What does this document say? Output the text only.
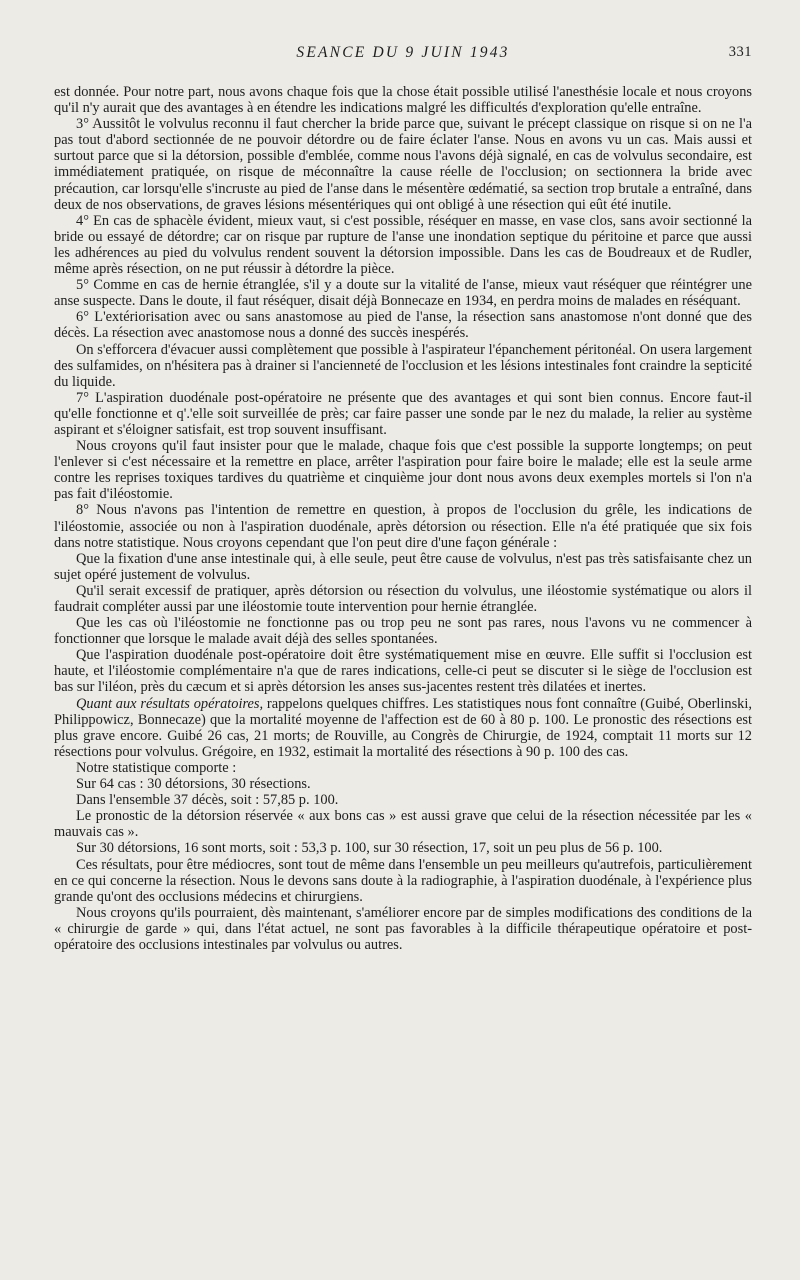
SEANCE DU 9 JUIN 1943	331

est donnée. Pour notre part, nous avons chaque fois que la chose était possible utilisé l'anesthésie locale et nous croyons qu'il n'y aurait que des avantages à en étendre les indications malgré les difficultés d'exploration qu'elle entraîne.

3° Aussitôt le volvulus reconnu il faut chercher la bride parce que, suivant le précept classique on risque si on ne l'a pas tout d'abord sectionnée de ne pouvoir détordre ou de faire éclater l'anse. Nous en avons vu un cas. Mais aussi et surtout parce que si la détorsion, possible d'emblée, comme nous l'avons déjà signalé, en cas de volvulus secondaire, est immédiatement pratiquée, on risque de méconnaître la cause réelle de l'occlusion; on sectionnera la bride avec précaution, car lorsqu'elle s'incruste au pied de l'anse dans le mésentère œdématié, sa section trop brutale a entraîné, dans deux de nos observations, de graves lésions mésentériques qui ont obligé à une résection qui eût été inutile.

4° En cas de sphacèle évident, mieux vaut, si c'est possible, réséquer en masse, en vase clos, sans avoir sectionné la bride ou essayé de détordre; car on risque par rupture de l'anse une inondation septique du péritoine et parce que aussi les adhérences au pied du volvulus rendent souvent la détorsion impossible. Dans les cas de Boudreaux et de Rudler, même après résection, on ne put réussir à détordre la pièce.

5° Comme en cas de hernie étranglée, s'il y a doute sur la vitalité de l'anse, mieux vaut réséquer que réintégrer une anse suspecte. Dans le doute, il faut réséquer, disait déjà Bonnecaze en 1934, en perdra moins de malades en réséquant.

6° L'extériorisation avec ou sans anastomose au pied de l'anse, la résection sans anastomose n'ont donné que des décès. La résection avec anastomose nous a donné des succès inespérés.

On s'efforcera d'évacuer aussi complètement que possible à l'aspirateur l'épanchement péritonéal. On usera largement des sulfamides, on n'hésitera pas à drainer si l'ancienneté de l'occlusion et les lésions intestinales font craindre la septicité du liquide.

7° L'aspiration duodénale post-opératoire ne présente que des avantages et qui sont bien connus. Encore faut-il qu'elle fonctionne et q'.'elle soit surveillée de près; car faire passer une sonde par le nez du malade, la relier au système aspirant et s'éloigner satisfait, est trop souvent insuffisant.

Nous croyons qu'il faut insister pour que le malade, chaque fois que c'est possible la supporte longtemps; on peut l'enlever si c'est nécessaire et la remettre en place, arrêter l'aspiration pour faire boire le malade; elle est la seule arme contre les reprises toxiques tardives du quatrième et cinquième jour dont nous avons deux exemples mortels si l'on n'a pas fait d'iléostomie.

8° Nous n'avons pas l'intention de remettre en question, à propos de l'occlusion du grêle, les indications de l'iléostomie, associée ou non à l'aspiration duodénale, après détorsion ou résection. Elle n'a été pratiquée que six fois dans notre statistique. Nous croyons cependant que l'on peut dire d'une façon générale :

Que la fixation d'une anse intestinale qui, à elle seule, peut être cause de volvulus, n'est pas très satisfaisante chez un sujet opéré justement de volvulus.

Qu'il serait excessif de pratiquer, après détorsion ou résection du volvulus, une iléostomie systématique ou alors il faudrait compléter aussi par une iléostomie toute intervention pour hernie étranglée.

Que les cas où l'iléostomie ne fonctionne pas ou trop peu ne sont pas rares, nous l'avons vu ne commencer à fonctionner que lorsque le malade avait déjà des selles spontanées.

Que l'aspiration duodénale post-opératoire doit être systématiquement mise en œuvre. Elle suffit si l'occlusion est haute, et l'iléostomie complémentaire n'a que de rares indications, celle-ci peut se discuter si le siège de l'occlusion est bas sur l'iléon, près du cæcum et si après détorsion les anses sus-jacentes restent très dilatées et inertes.

Quant aux résultats opératoires, rappelons quelques chiffres. Les statistiques nous font connaître (Guibé, Oberlinski, Philippowicz, Bonnecaze) que la mortalité moyenne de l'affection est de 60 à 80 p. 100. Le pronostic des résections est plus grave encore. Guibé 26 cas, 21 morts; de Rouville, au Congrès de Chirurgie, de 1924, comptait 11 morts sur 12 résections pour volvulus. Grégoire, en 1932, estimait la mortalité des résections à 90 p. 100 des cas.

Notre statistique comporte :

Sur 64 cas : 30 détorsions, 30 résections.

Dans l'ensemble 37 décès, soit : 57,85 p. 100.

Le pronostic de la détorsion réservée « aux bons cas » est aussi grave que celui de la résection nécessitée par les « mauvais cas ».

Sur 30 détorsions, 16 sont morts, soit : 53,3 p. 100, sur 30 résection, 17, soit un peu plus de 56 p. 100.

Ces résultats, pour être médiocres, sont tout de même dans l'ensemble un peu meilleurs qu'autrefois, particulièrement en ce qui concerne la résection. Nous le devons sans doute à la radiographie, à l'aspiration duodénale, à l'expérience plus grande qu'ont des occlusions médecins et chirurgiens.

Nous croyons qu'ils pourraient, dès maintenant, s'améliorer encore par de simples modifications des conditions de la « chirurgie de garde » qui, dans l'état actuel, ne sont pas favorables à la difficile thérapeutique opératoire et post-opératoire des occlusions intestinales par volvulus ou autres.
